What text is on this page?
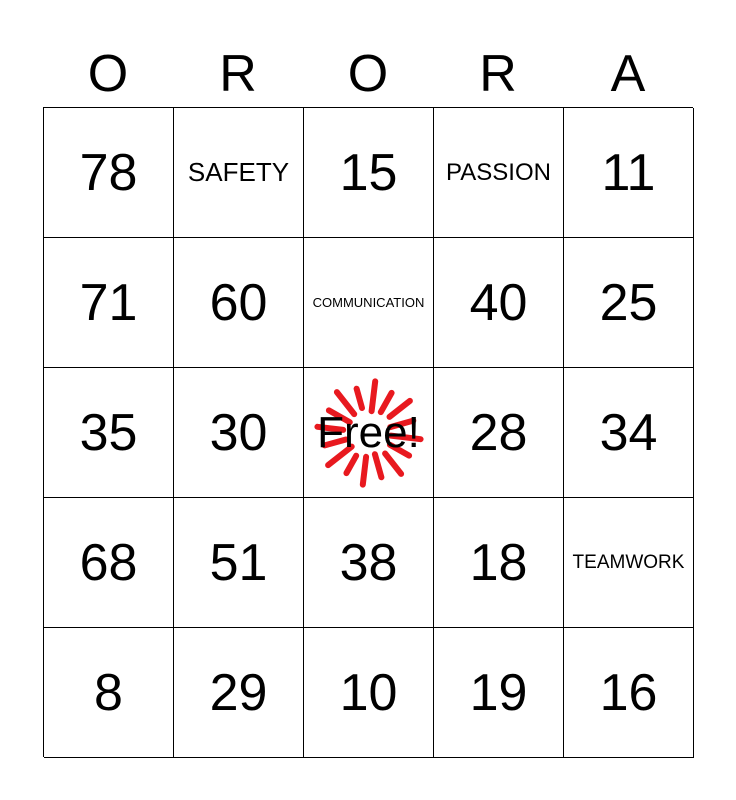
O	R	O	R	A
78 SAFETY 15 PASSION 11
71 60	COMMUNICATION 40 25
35 30 Free! 28 34
68 51 38 18 TEAMWORK
8 29 10 19 16
